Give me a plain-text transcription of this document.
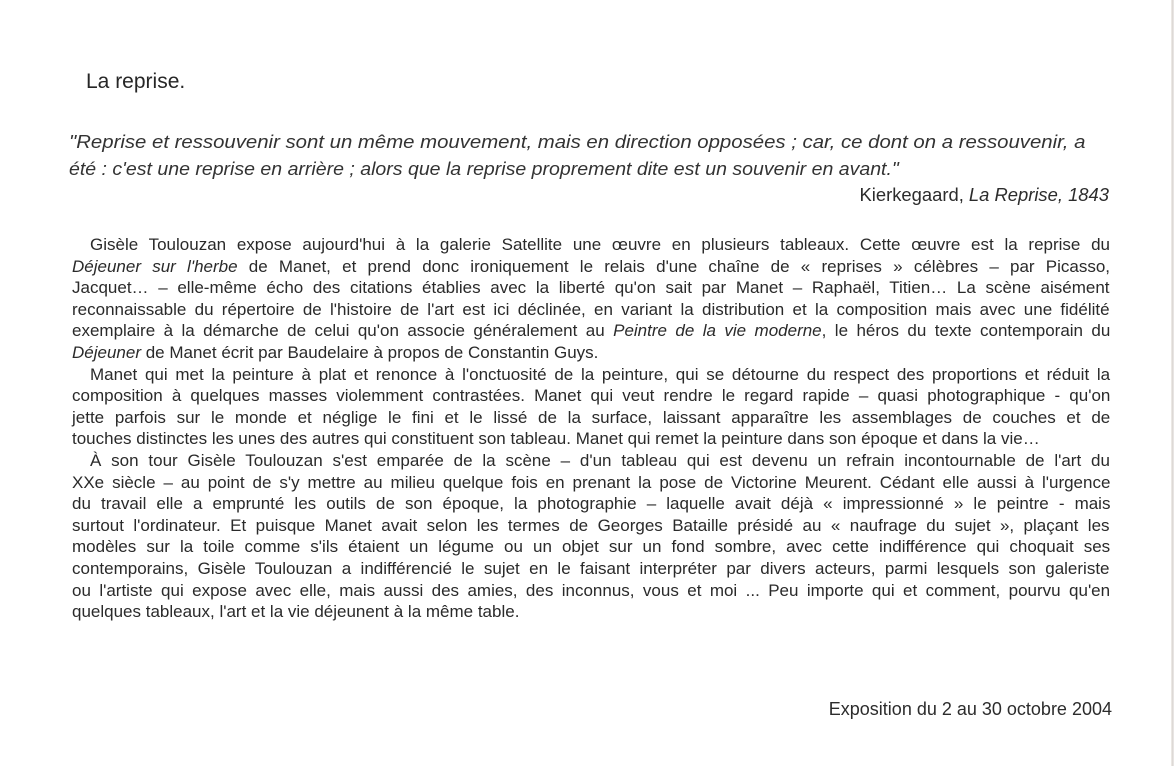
La reprise.
"Reprise et ressouvenir sont un même mouvement, mais en direction opposées ; car, ce dont on a ressouvenir, a
été : c'est une reprise en arrière ; alors que la reprise proprement dite est un souvenir en avant."
Kierkegaard, La Reprise, 1843
Gisèle Toulouzan expose aujourd'hui à la galerie Satellite une œuvre en plusieurs tableaux. Cette œuvre est la reprise du
Déjeuner sur l'herbe de Manet, et prend donc ironiquement le relais d'une chaîne de « reprises » célèbres – par Picasso,
Jacquet… – elle-même écho des citations établies avec la liberté qu'on sait par Manet – Raphaël, Titien… La scène aisément
reconnaissable du répertoire de l'histoire de l'art est ici déclinée, en variant la distribution et la composition mais avec une fidélité
exemplaire à la démarche de celui qu'on associe généralement au Peintre de la vie moderne, le héros du texte contemporain du
Déjeuner de Manet écrit par Baudelaire à propos de Constantin Guys.
Manet qui met la peinture à plat et renonce à l'onctuosité de la peinture, qui se détourne du respect des proportions et réduit la
composition à quelques masses violemment contrastées. Manet qui veut rendre le regard rapide – quasi photographique - qu'on
jette parfois sur le monde et néglige le fini et le lissé de la surface, laissant apparaître les assemblages de couches et de
touches distinctes les unes des autres qui constituent son tableau. Manet qui remet la peinture dans son époque et dans la vie…
À son tour Gisèle Toulouzan s'est emparée de la scène – d'un tableau qui est devenu un refrain incontournable de l'art du
XXe siècle – au point de s'y mettre au milieu quelque fois en prenant la pose de Victorine Meurent. Cédant elle aussi à l'urgence
du travail elle a emprunté les outils de son époque, la photographie – laquelle avait déjà « impressionné » le peintre - mais
surtout l'ordinateur. Et puisque Manet avait selon les termes de Georges Bataille présidé au « naufrage du sujet », plaçant les
modèles sur la toile comme s'ils étaient un légume ou un objet sur un fond sombre, avec cette indifférence qui choquait ses
contemporains, Gisèle Toulouzan a indifférencié le sujet en le faisant interpréter par divers acteurs, parmi lesquels son galeriste
ou l'artiste qui expose avec elle, mais aussi des amies, des inconnus, vous et moi ... Peu importe qui et comment, pourvu qu'en
quelques tableaux, l'art et la vie déjeunent à la même table.
Exposition du 2 au 30 octobre 2004
